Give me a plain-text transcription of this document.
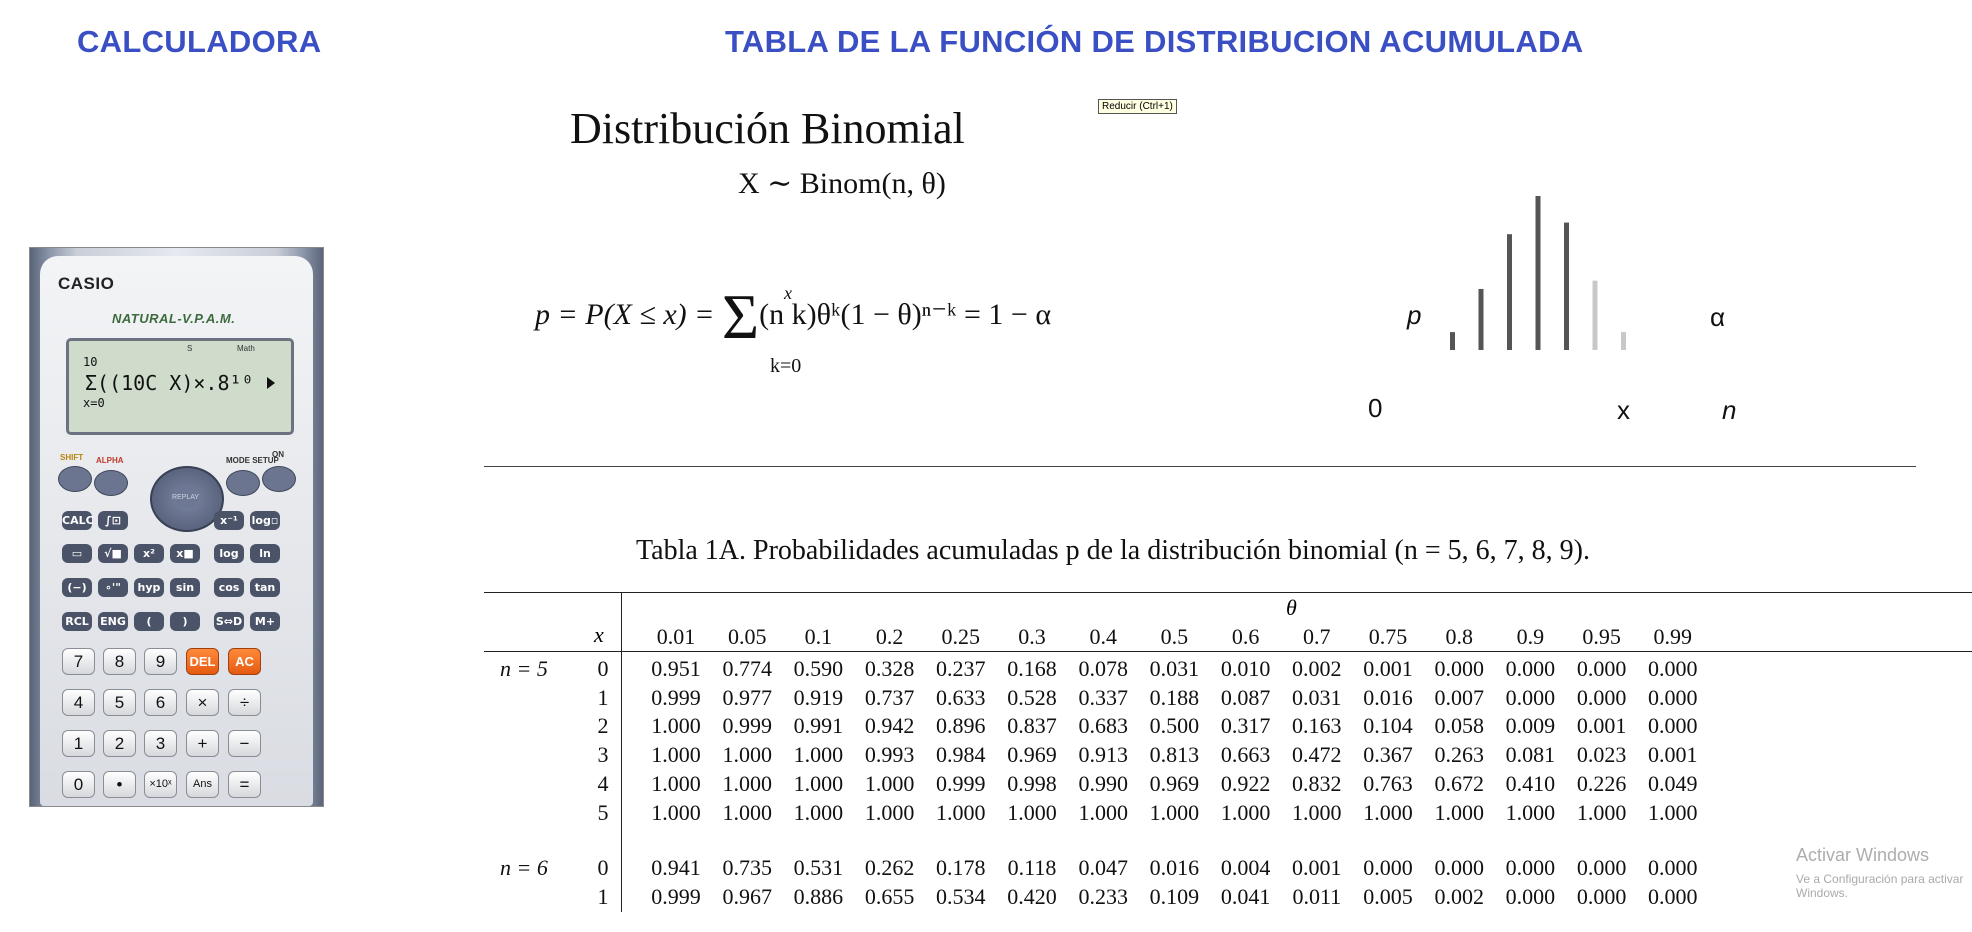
CALCULADORA	TABLA DE LA FUNCIÓN DE DISTRIBUCION ACUMULADA
CASIO
NATURAL-V.P.A.M.
S	Math
10
Σ((10C X)×.8¹⁰
x=0
SHIFT ALPHA	MODE SETUP
ON
REPLAY
CALC	∫⊡	x⁻¹	log▫
▭	√■	x²	x■	log	ln
(−)	∘'"	hyp	sin	cos	tan
RCL ENG	(	)	S⇔D	M+
7	8	9	DEL	AC
4	5	6	×	÷
1	2	3	+	−
0	•	×10ˣ	Ans	=
Reducir (Ctrl+1)
Distribución Binomial
X ∼ Binom(n, θ)
p = P(X ≤ x) = Σ(n k)θᵏ(1 − θ)ⁿ⁻ᵏ = 1 − α
x
k=0
p	α
0	x	n
Tabla 1A. Probabilidades acumuladas p de la distribución binomial (n = 5, 6, 7, 8, 9).
θ
x	0.01	0.05	0.1	0.2	0.25	0.3	0.4	0.5	0.6	0.7	0.75	0.8	0.9	0.95	0.99
n = 5 0	0.951 0.774 0.590 0.328 0.237 0.168 0.078 0.031 0.010 0.002 0.001 0.000 0.000 0.000 0.000
1	0.999 0.977 0.919 0.737 0.633 0.528 0.337 0.188 0.087 0.031 0.016 0.007 0.000 0.000 0.000
2	1.000 0.999 0.991 0.942 0.896 0.837 0.683 0.500 0.317 0.163 0.104 0.058 0.009 0.001 0.000
3	1.000 1.000 1.000 0.993 0.984 0.969 0.913 0.813 0.663 0.472 0.367 0.263 0.081 0.023 0.001
4	1.000 1.000 1.000 1.000 0.999 0.998 0.990 0.969 0.922 0.832 0.763 0.672 0.410 0.226 0.049
5	1.000 1.000 1.000 1.000 1.000 1.000 1.000 1.000 1.000 1.000 1.000 1.000 1.000 1.000 1.000
n = 6 0	0.941 0.735 0.531 0.262 0.178	0.118	0.047 0.016 0.004 0.001 0.000 0.000 0.000 0.000 0.000
1	0.999 0.967 0.886 0.655 0.534 0.420 0.233 0.109 0.041	0.011	0.005 0.002 0.000 0.000 0.000
Activar Windows
Ve a Configuración para activar Windows.
